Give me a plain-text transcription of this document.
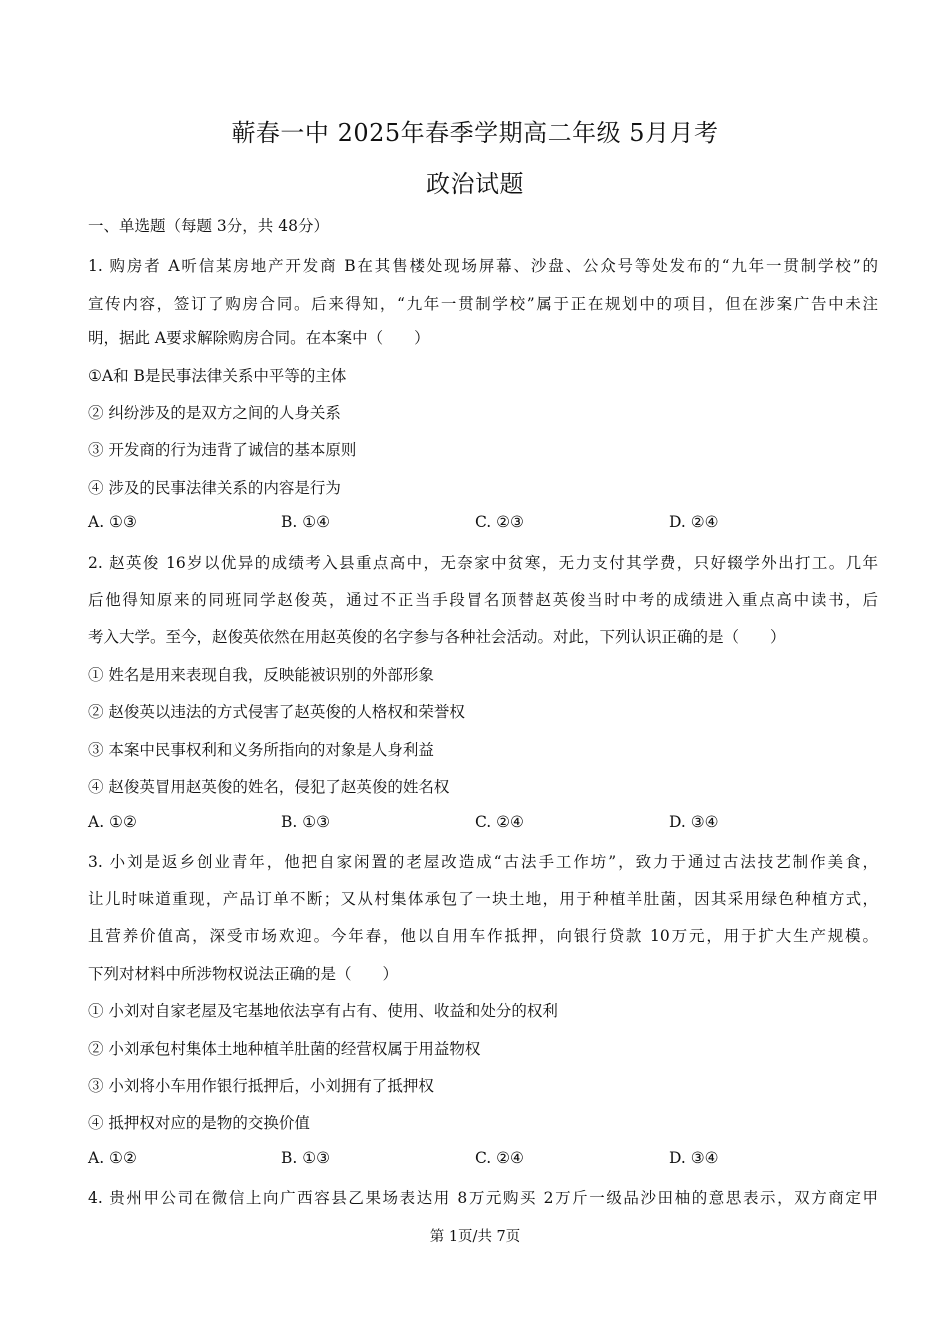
蕲春一中 2025年春季学期高二年级 5月月考
政治试题
一、单选题（每题 3分，共 48分）
1. 购房者 A听信某房地产开发商 B在其售楼处现场屏幕、沙盘、公众号等处发布的“九年一贯制学校”的
宣传内容，签订了购房合同。后来得知，“九年一贯制学校”属于正在规划中的项目，但在涉案广告中未注
明，据此 A要求解除购房合同。在本案中（　　）
①A和 B是民事法律关系中平等的主体
② 纠纷涉及的是双方之间的人身关系
③ 开发商的行为违背了诚信的基本原则
④ 涉及的民事法律关系的内容是行为
A. ①③	B. ①④	C. ②③	D. ②④
2. 赵英俊 16岁以优异的成绩考入县重点高中，无奈家中贫寒，无力支付其学费，只好辍学外出打工。几年
后他得知原来的同班同学赵俊英，通过不正当手段冒名顶替赵英俊当时中考的成绩进入重点高中读书，后
考入大学。至今，赵俊英依然在用赵英俊的名字参与各种社会活动。对此，下列认识正确的是（　　）
① 姓名是用来表现自我，反映能被识别的外部形象
② 赵俊英以违法的方式侵害了赵英俊的人格权和荣誉权
③ 本案中民事权利和义务所指向的对象是人身利益
④ 赵俊英冒用赵英俊的姓名，侵犯了赵英俊的姓名权
A. ①②	B. ①③	C. ②④	D. ③④
3. 小刘是返乡创业青年，他把自家闲置的老屋改造成“古法手工作坊”，致力于通过古法技艺制作美食，
让儿时味道重现，产品订单不断；又从村集体承包了一块土地，用于种植羊肚菌，因其采用绿色种植方式，
且营养价值高，深受市场欢迎。今年春，他以自用车作抵押，向银行贷款 10万元，用于扩大生产规模。
下列对材料中所涉物权说法正确的是（　　）
① 小刘对自家老屋及宅基地依法享有占有、使用、收益和处分的权利
② 小刘承包村集体土地种植羊肚菌的经营权属于用益物权
③ 小刘将小车用作银行抵押后，小刘拥有了抵押权
④ 抵押权对应的是物的交换价值
A. ①②	B. ①③	C. ②④	D. ③④
4. 贵州甲公司在微信上向广西容县乙果场表达用 8万元购买 2万斤一级品沙田柚的意思表示，双方商定甲
第 1页/共 7页
